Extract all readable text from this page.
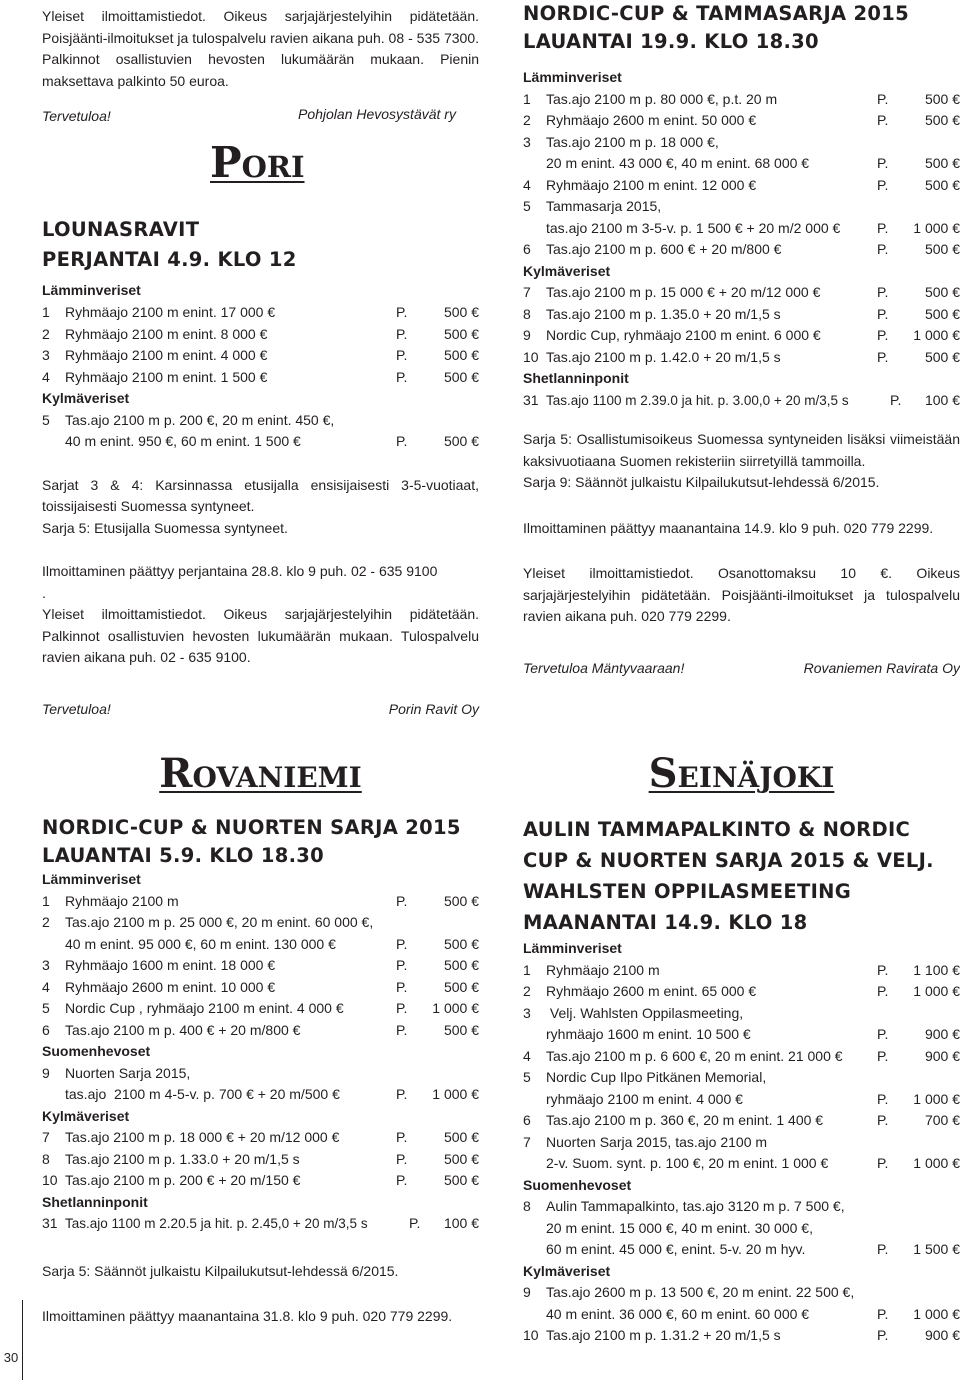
Yleiset ilmoittamistiedot. Oikeus sarjajärjestelyihin pidätetään. Poisjäänti-ilmoitukset ja tulospalvelu ravien aikana puh. 08 - 535 7300. Palkinnot osallistuvien hevosten lukumäärän mukaan. Pienin maksettava palkinto 50 euroa.
Tervetuloa!	Pohjolan Hevosystävät ry
Pori
LOUNASRAVIT
PERJANTAI 4.9. KLO 12
Lämminveriset
1	Ryhmäajo 2100 m enint. 17 000 €	P.	500 €
2	Ryhmäajo 2100 m enint. 8 000 €	P.	500 €
3	Ryhmäajo 2100 m enint. 4 000 €	P.	500 €
4	Ryhmäajo 2100 m enint. 1 500 €	P.	500 €
Kylmäveriset
5	Tas.ajo 2100 m p. 200 €, 20 m enint. 450 €,
40 m enint. 950 €, 60 m enint. 1 500 €	P.	500 €
Sarjat 3 & 4: Karsinnassa etusijalla ensisijaisesti 3-5-vuotiaat, toissijaisesti Suomessa syntyneet.
Sarja 5: Etusijalla Suomessa syntyneet.
Ilmoittaminen päättyy perjantaina 28.8. klo 9 puh. 02 - 635 9100
.
Yleiset ilmoittamistiedot. Oikeus sarjajärjestelyihin pidätetään. Palkinnot osallistuvien hevosten lukumäärän mukaan. Tulospalvelu ravien aikana puh. 02 - 635 9100.
Tervetuloa!	Porin Ravit Oy
NORDIC-CUP & TAMMASARJA 2015
LAUANTAI 19.9. KLO 18.30
Lämminveriset
1	Tas.ajo 2100 m p. 80 000 €, p.t. 20 m	P.	500 €
2	Ryhmäajo 2600 m enint. 50 000 €	P.	500 €
3	Tas.ajo 2100 m p. 18 000 €,
20 m enint. 43 000 €, 40 m enint. 68 000 €	P.	500 €
4	Ryhmäajo 2100 m enint. 12 000 €	P.	500 €
5	Tammasarja 2015,
tas.ajo 2100 m 3-5-v. p. 1 500 € + 20 m/2 000 €	P.	1 000 €
6	Tas.ajo 2100 m p. 600 € + 20 m/800 €	P.	500 €
Kylmäveriset
7	Tas.ajo 2100 m p. 15 000 € + 20 m/12 000 €	P.	500 €
8	Tas.ajo 2100 m p. 1.35.0 + 20 m/1,5 s	P.	500 €
9	Nordic Cup, ryhmäajo 2100 m enint. 6 000 €	P.	1 000 €
10 Tas.ajo 2100 m p. 1.42.0 + 20 m/1,5 s	P.	500 €
Shetlanninponit
31 Tas.ajo 1100 m 2.39.0 ja hit. p. 3.00,0 + 20 m/3,5 s	P.	100 €
Sarja 5: Osallistumisoikeus Suomessa syntyneiden lisäksi viimeistään kaksivuotiaana Suomen rekisteriin siirretyillä tammoilla.
Sarja 9: Säännöt julkaistu Kilpailukutsut-lehdessä 6/2015.
Ilmoittaminen päättyy maanantaina 14.9. klo 9 puh. 020 779 2299.
Yleiset ilmoittamistiedot. Osanottomaksu 10 €. Oikeus sarjajärjestelyihin pidätetään. Poisjäänti-ilmoitukset ja tulospalvelu ravien aikana puh. 020 779 2299.
Tervetuloa Mäntyvaaraan!	Rovaniemen Ravirata Oy
Rovaniemi
NORDIC-CUP & NUORTEN SARJA 2015
LAUANTAI 5.9. KLO 18.30
Lämminveriset
1	Ryhmäajo 2100 m	P.	500 €
2	Tas.ajo 2100 m p. 25 000 €, 20 m enint. 60 000 €,
40 m enint. 95 000 €, 60 m enint. 130 000 €	P.	500 €
3	Ryhmäajo 1600 m enint. 18 000 €	P.	500 €
4	Ryhmäajo 2600 m enint. 10 000 €	P.	500 €
5	Nordic Cup , ryhmäajo 2100 m enint. 4 000 €	P.	1 000 €
6	Tas.ajo 2100 m p. 400 € + 20 m/800 €	P.	500 €
Suomenhevoset
9	Nuorten Sarja 2015,
tas.ajo  2100 m 4-5-v. p. 700 € + 20 m/500 €	P.	1 000 €
Kylmäveriset
7	Tas.ajo 2100 m p. 18 000 € + 20 m/12 000 €	P.	500 €
8	Tas.ajo 2100 m p. 1.33.0 + 20 m/1,5 s	P.	500 €
10 Tas.ajo 2100 m p. 200 € + 20 m/150 €	P.	500 €
Shetlanninponit
31 Tas.ajo 1100 m 2.20.5 ja hit. p. 2.45,0 + 20 m/3,5 s	P.	100 €
Sarja 5: Säännöt julkaistu Kilpailukutsut-lehdessä 6/2015.
Ilmoittaminen päättyy maanantaina 31.8. klo 9 puh. 020 779 2299.
Seinäjoki
AULIN TAMMAPALKINTO & NORDIC CUP & NUORTEN SARJA 2015 & VELJ. WAHLSTEN OPPILASMEETING
MAANANTAI 14.9. KLO 18
Lämminveriset
1	Ryhmäajo 2100 m	P.	1 100 €
2	Ryhmäajo 2600 m enint. 65 000 €	P.	1 000 €
3	Velj. Wahlsten Oppilasmeeting,
ryhmäajo 1600 m enint. 10 500 €	P.	900 €
4	Tas.ajo 2100 m p. 6 600 €, 20 m enint. 21 000 €	P.	900 €
5	Nordic Cup Ilpo Pitkänen Memorial,
ryhmäajo 2100 m enint. 4 000 €	P.	1 000 €
6	Tas.ajo 2100 m p. 360 €, 20 m enint. 1 400 €	P.	700 €
7	Nuorten Sarja 2015, tas.ajo 2100 m
2-v. Suom. synt. p. 100 €, 20 m enint. 1 000 €	P.	1 000 €
Suomenhevoset
8	Aulin Tammapalkinto, tas.ajo 3120 m p. 7 500 €,
20 m enint. 15 000 €, 40 m enint. 30 000 €,
60 m enint. 45 000 €, enint. 5-v. 20 m hyv.	P.	1 500 €
Kylmäveriset
9	Tas.ajo 2600 m p. 13 500 €, 20 m enint. 22 500 €,
40 m enint. 36 000 €, 60 m enint. 60 000 €	P.	1 000 €
10 Tas.ajo 2100 m p. 1.31.2 + 20 m/1,5 s	P.	900 €
30
